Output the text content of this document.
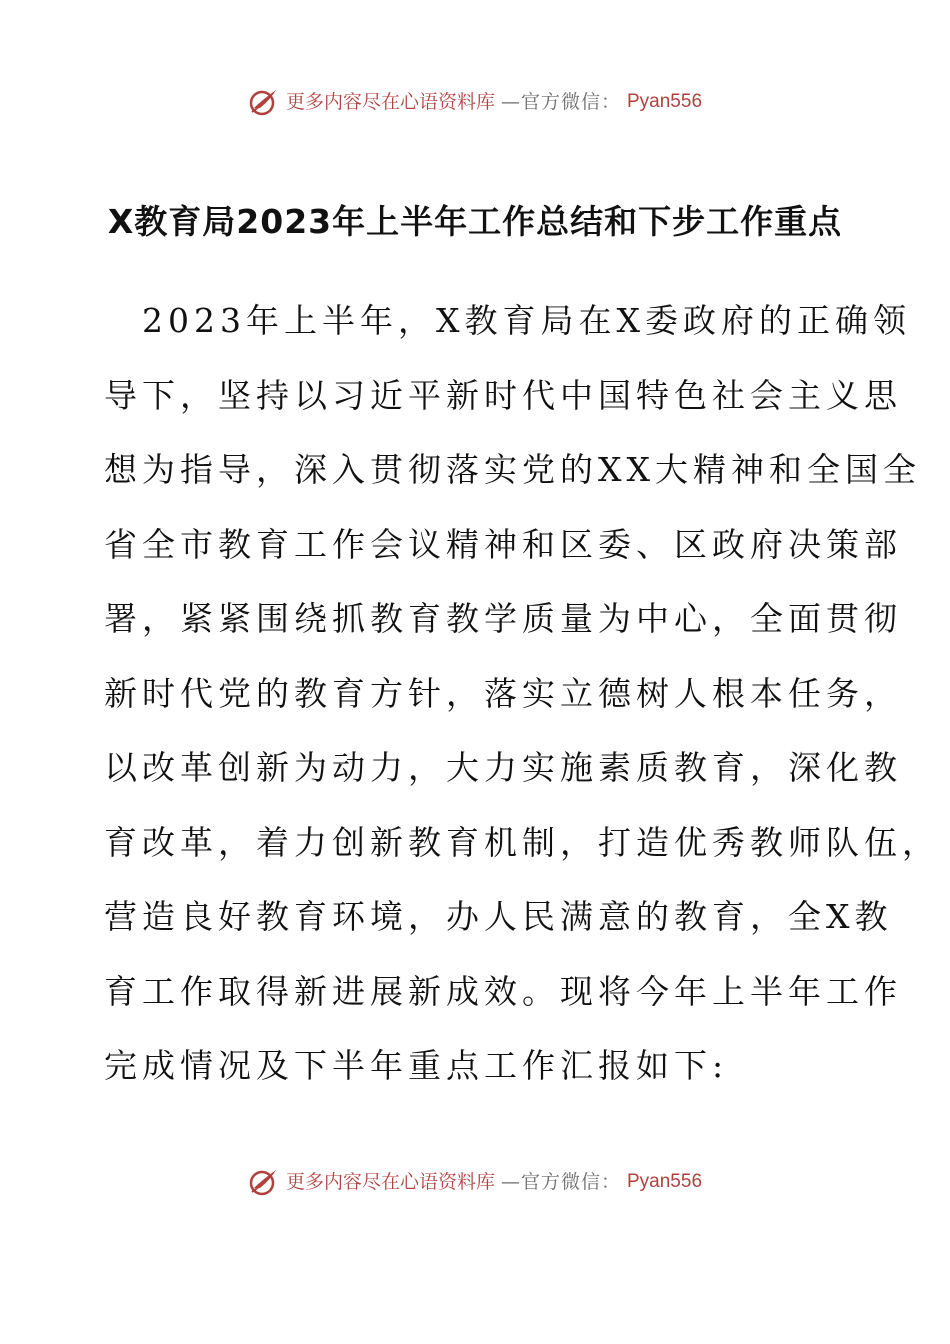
更多内容尽在心语资料库 —官方微信： Pyan556
X教育局2023年上半年工作总结和下步工作重点
　2023年上半年，X教育局在X委政府的正确领
导下，坚持以习近平新时代中国特色社会主义思
想为指导，深入贯彻落实党的XX大精神和全国全
省全市教育工作会议精神和区委、区政府决策部
署，紧紧围绕抓教育教学质量为中心，全面贯彻
新时代党的教育方针，落实立德树人根本任务，
以改革创新为动力，大力实施素质教育，深化教
育改革，着力创新教育机制，打造优秀教师队伍，
营造良好教育环境，办人民满意的教育，全X教
育工作取得新进展新成效。现将今年上半年工作
完成情况及下半年重点工作汇报如下:
更多内容尽在心语资料库 —官方微信： Pyan556
